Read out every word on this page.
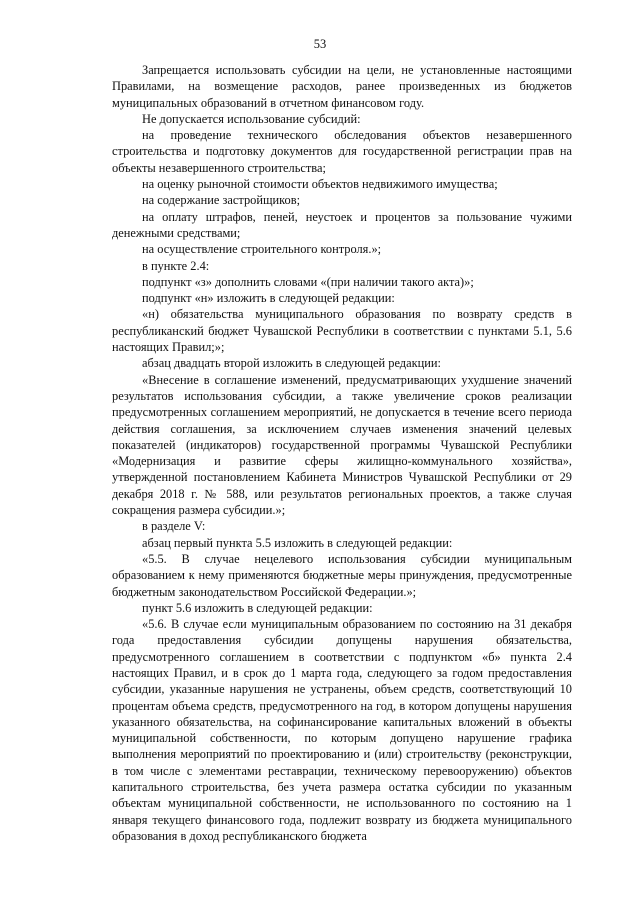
53

Запрещается использовать субсидии на цели, не установленные настоящими Правилами, на возмещение расходов, ранее произведенных из бюджетов муниципальных образований в отчетном финансовом году.

Не допускается использование субсидий:

на проведение технического обследования объектов незавершенного строительства и подготовку документов для государственной регистрации прав на объекты незавершенного строительства;

на оценку рыночной стоимости объектов недвижимого имущества;

на содержание застройщиков;

на оплату штрафов, пеней, неустоек и процентов за пользование чужими денежными средствами;

на осуществление строительного контроля.»;

в пункте 2.4:

подпункт «з» дополнить словами «(при наличии такого акта)»;

подпункт «н» изложить в следующей редакции:

«н) обязательства муниципального образования по возврату средств в республиканский бюджет Чувашской Республики в соответствии с пунктами 5.1, 5.6 настоящих Правил;»;

абзац двадцать второй изложить в следующей редакции:

«Внесение в соглашение изменений, предусматривающих ухудшение значений результатов использования субсидии, а также увеличение сроков реализации предусмотренных соглашением мероприятий, не допускается в течение всего периода действия соглашения, за исключением случаев изменения значений целевых показателей (индикаторов) государственной программы Чувашской Республики «Модернизация и развитие сферы жилищно-коммунального хозяйства», утвержденной постановлением Кабинета Министров Чувашской Республики от 29 декабря 2018 г. № 588, или результатов региональных проектов, а также случая сокращения размера субсидии.»;

в разделе V:

абзац первый пункта 5.5 изложить в следующей редакции:

«5.5. В случае нецелевого использования субсидии муниципальным образованием к нему применяются бюджетные меры принуждения, предусмотренные бюджетным законодательством Российской Федерации.»;

пункт 5.6 изложить в следующей редакции:

«5.6. В случае если муниципальным образованием по состоянию на 31 декабря года предоставления субсидии допущены нарушения обязательства, предусмотренного соглашением в соответствии с подпунктом «б» пункта 2.4 настоящих Правил, и в срок до 1 марта года, следующего за годом предоставления субсидии, указанные нарушения не устранены, объем средств, соответствующий 10 процентам объема средств, предусмотренного на год, в котором допущены нарушения указанного обязательства, на софинансирование капитальных вложений в объекты муниципальной собственности, по которым допущено нарушение графика выполнения мероприятий по проектированию и (или) строительству (реконструкции, в том числе с элементами реставрации, техническому перевооружению) объектов капитального строительства, без учета размера остатка субсидии по указанным объектам муниципальной собственности, не использованного по состоянию на 1 января текущего финансового года, подлежит возврату из бюджета муниципального образования в доход республиканского бюджета
